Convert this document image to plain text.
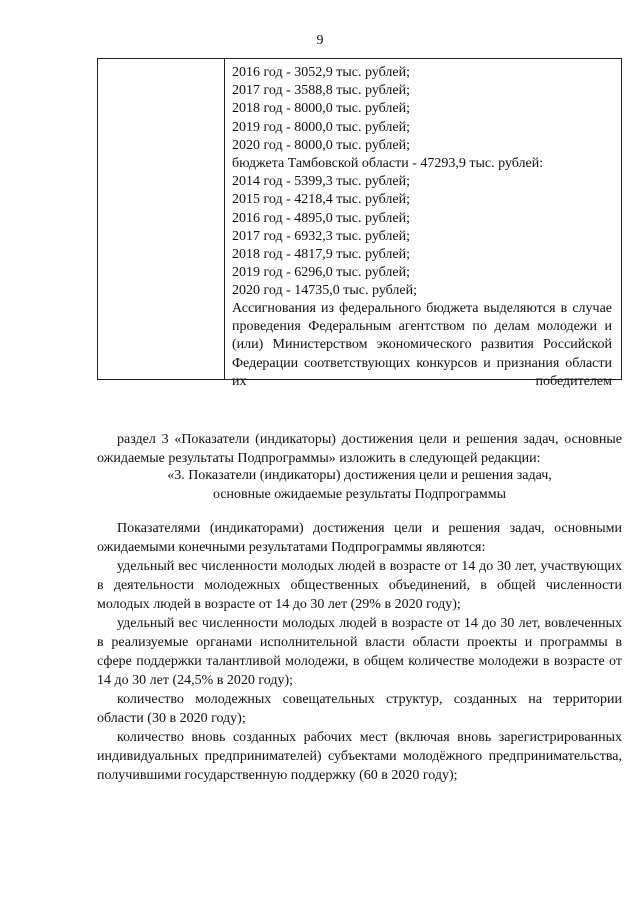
9
2016 год - 3052,9 тыс. рублей;
2017 год - 3588,8 тыс. рублей;
2018 год - 8000,0 тыс. рублей;
2019 год - 8000,0 тыс. рублей;
2020 год - 8000,0 тыс. рублей;
бюджета Тамбовской области - 47293,9 тыс. рублей:
2014 год - 5399,3 тыс. рублей;
2015 год - 4218,4 тыс. рублей;
2016 год - 4895,0 тыс. рублей;
2017 год - 6932,3 тыс. рублей;
2018 год - 4817,9 тыс. рублей;
2019 год - 6296,0 тыс. рублей;
2020 год - 14735,0 тыс. рублей;

Ассигнования из федерального бюджета выделяются в случае проведения Федеральным агентством по делам молодежи и (или) Министерством экономического развития Российской Федерации соответствующих конкурсов и признания области их победителем

раздел 3 «Показатели (индикаторы) достижения цели и решения задач, основные ожидаемые результаты Подпрограммы» изложить в следующей редакции:

«3. Показатели (индикаторы) достижения цели и решения задач,
основные ожидаемые результаты Подпрограммы

Показателями (индикаторами) достижения цели и решения задач, основными ожидаемыми конечными результатами Подпрограммы являются:

удельный вес численности молодых людей в возрасте от 14 до 30 лет, участвующих в деятельности молодежных общественных объединений, в общей численности молодых людей в возрасте от 14 до 30 лет (29% в 2020 году);

удельный вес численности молодых людей в возрасте от 14 до 30 лет, вовлеченных в реализуемые органами исполнительной власти области проекты и программы в сфере поддержки талантливой молодежи, в общем количестве молодежи в возрасте от 14 до 30 лет (24,5% в 2020 году);

количество молодежных совещательных структур, созданных на территории области (30 в 2020 году);

количество вновь созданных рабочих мест (включая вновь зарегистрированных индивидуальных предпринимателей) субъектами молодёжного предпринимательства, получившими государственную поддержку (60 в 2020 году);
